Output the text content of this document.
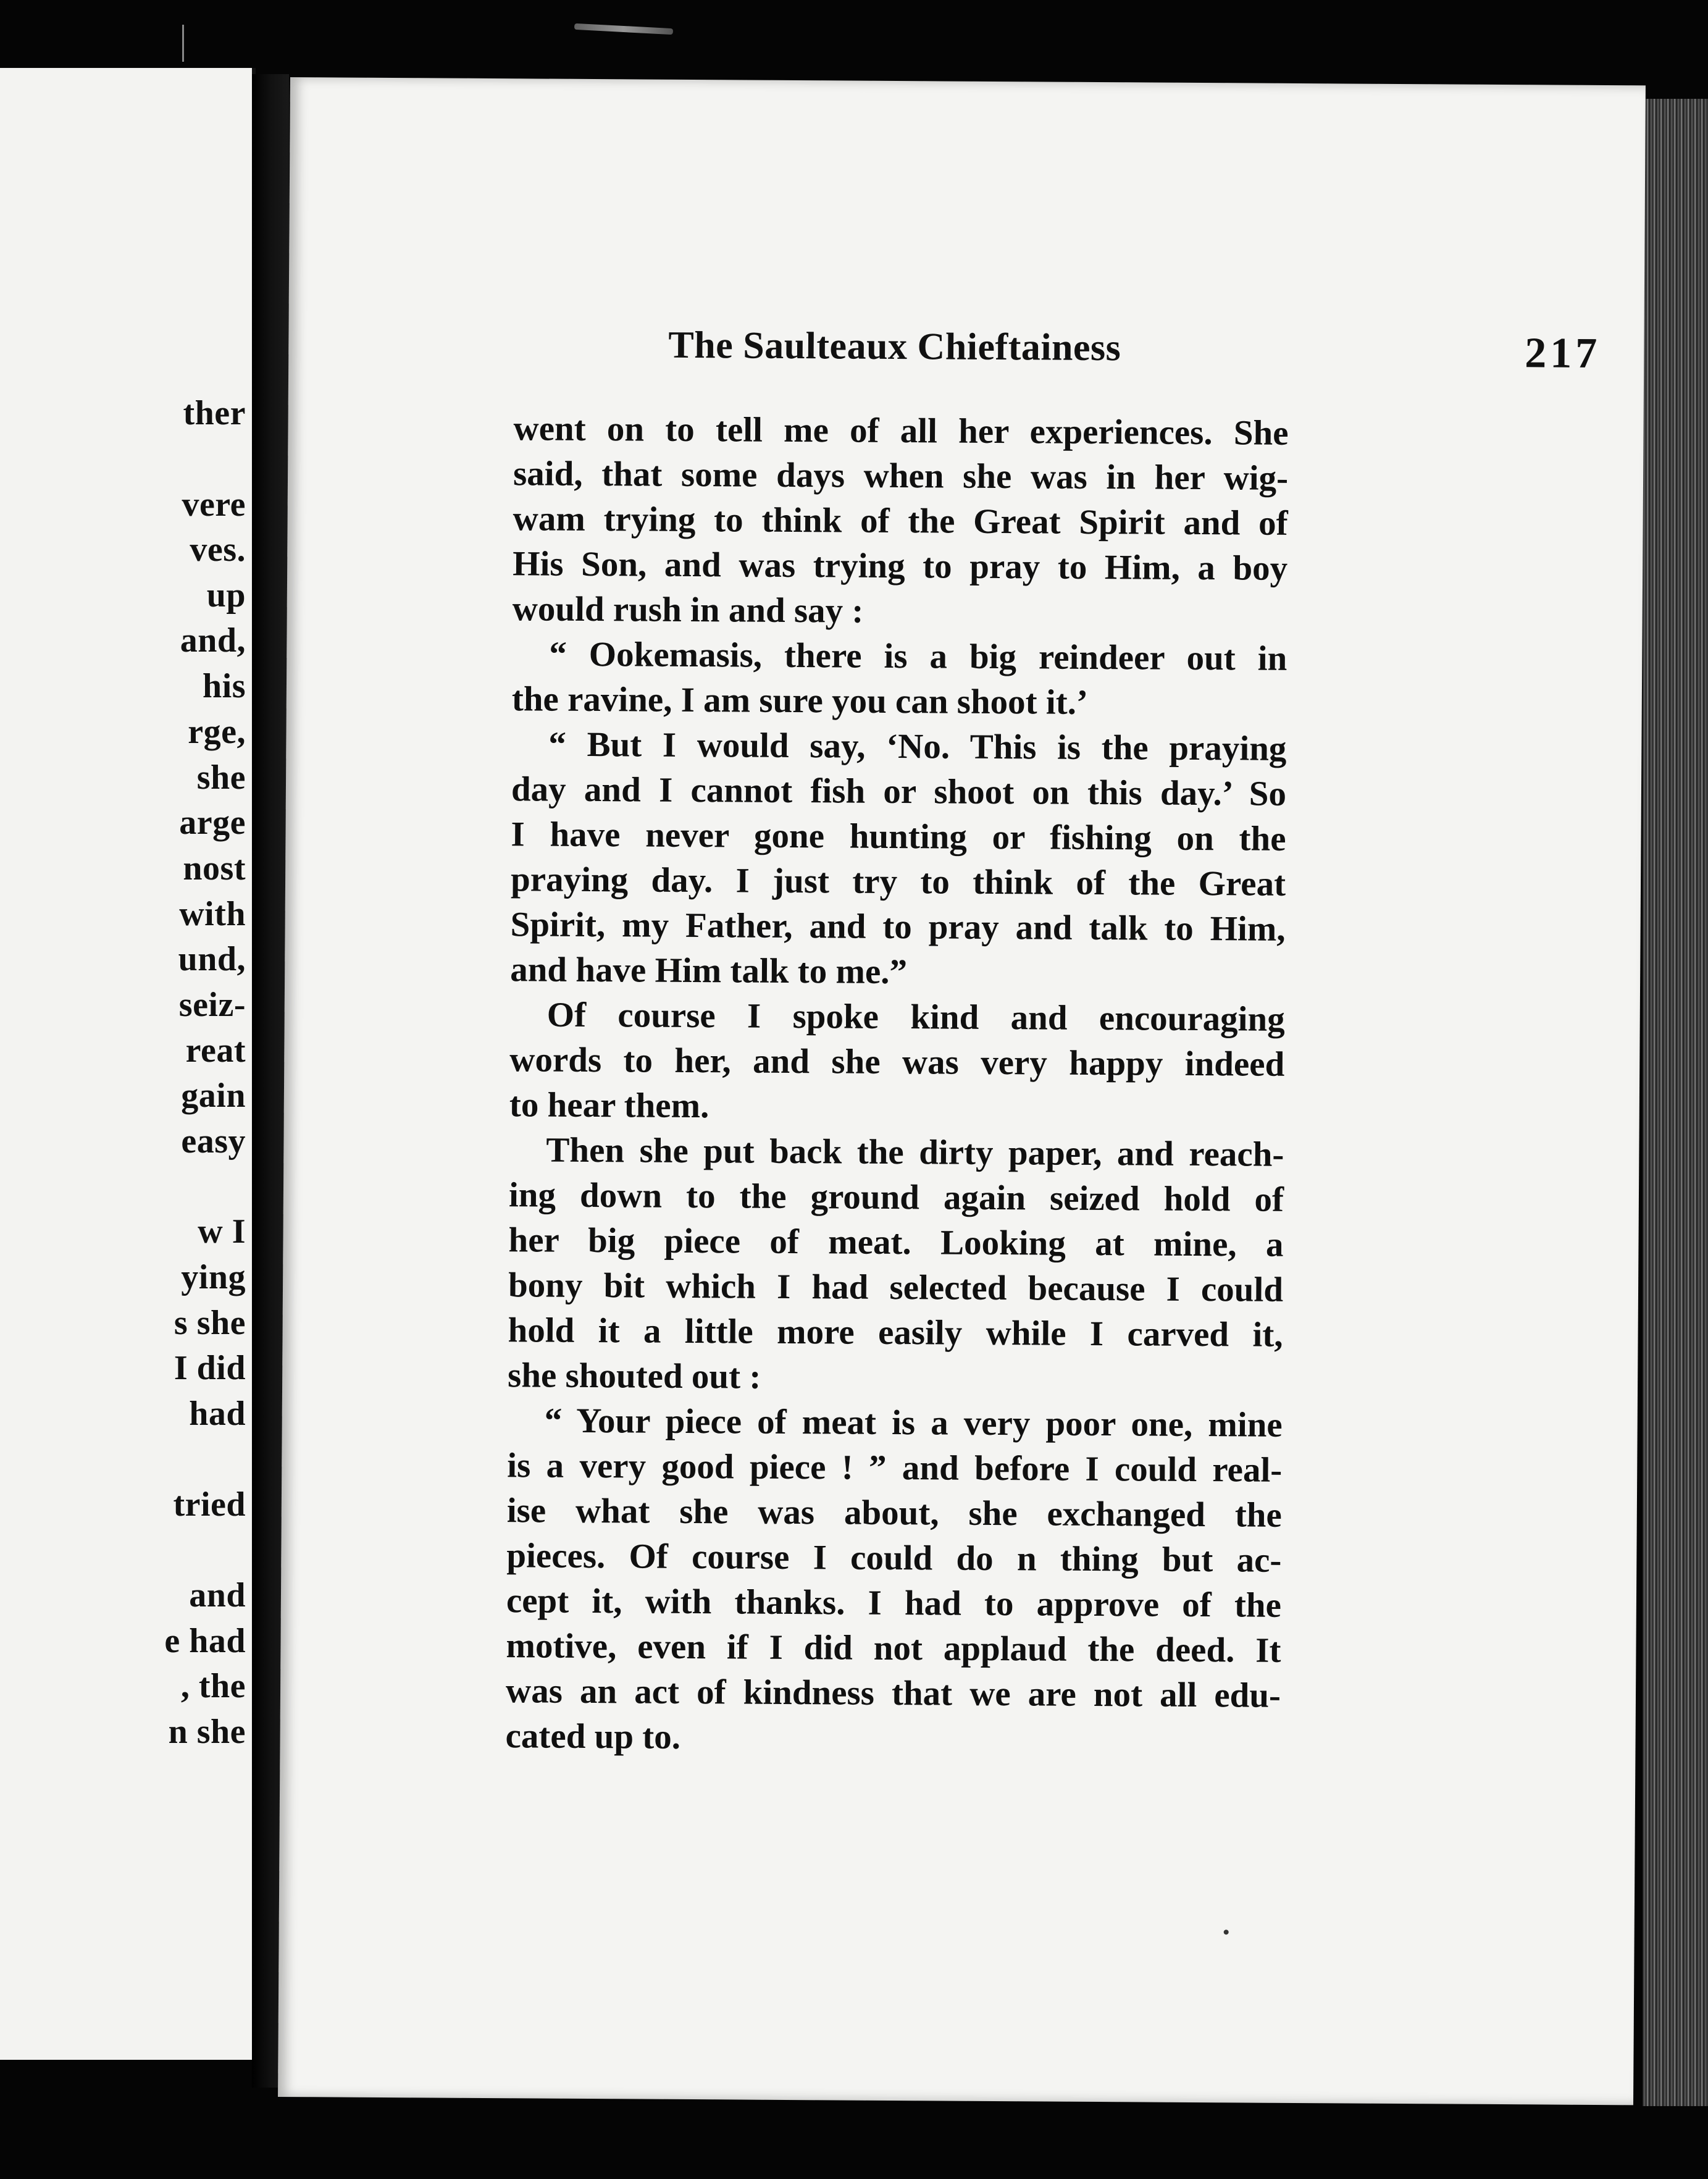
ther
vere
ves.
up
and,
his
rge,
she
arge
nost
with
und,
seiz-
reat
gain
easy
w I
ying
s she
I did
had
tried
and
e had
, the
n she
The Saulteaux Chieftainess	217
went on to tell me of all her experiences. She
said, that some days when she was in her wig-
wam trying to think of the Great Spirit and of
His Son, and was trying to pray to Him, a boy
would rush in and say :
“ Ookemasis, there is a big reindeer out in
the ravine, I am sure you can shoot it.’
“ But I would say, ‘No. This is the praying
day and I cannot fish or shoot on this day.’ So
I have never gone hunting or fishing on the
praying day. I just try to think of the Great
Spirit, my Father, and to pray and talk to Him,
and have Him talk to me.”
Of course I spoke kind and encouraging
words to her, and she was very happy indeed
to hear them.
Then she put back the dirty paper, and reach-
ing down to the ground again seized hold of
her big piece of meat. Looking at mine, a
bony bit which I had selected because I could
hold it a little more easily while I carved it,
she shouted out :
“ Your piece of meat is a very poor one, mine
is a very good piece ! ” and before I could real-
ise what she was about, she exchanged the
pieces. Of course I could do n thing but ac-
cept it, with thanks. I had to approve of the
motive, even if I did not applaud the deed. It
was an act of kindness that we are not all edu-
cated up to.
